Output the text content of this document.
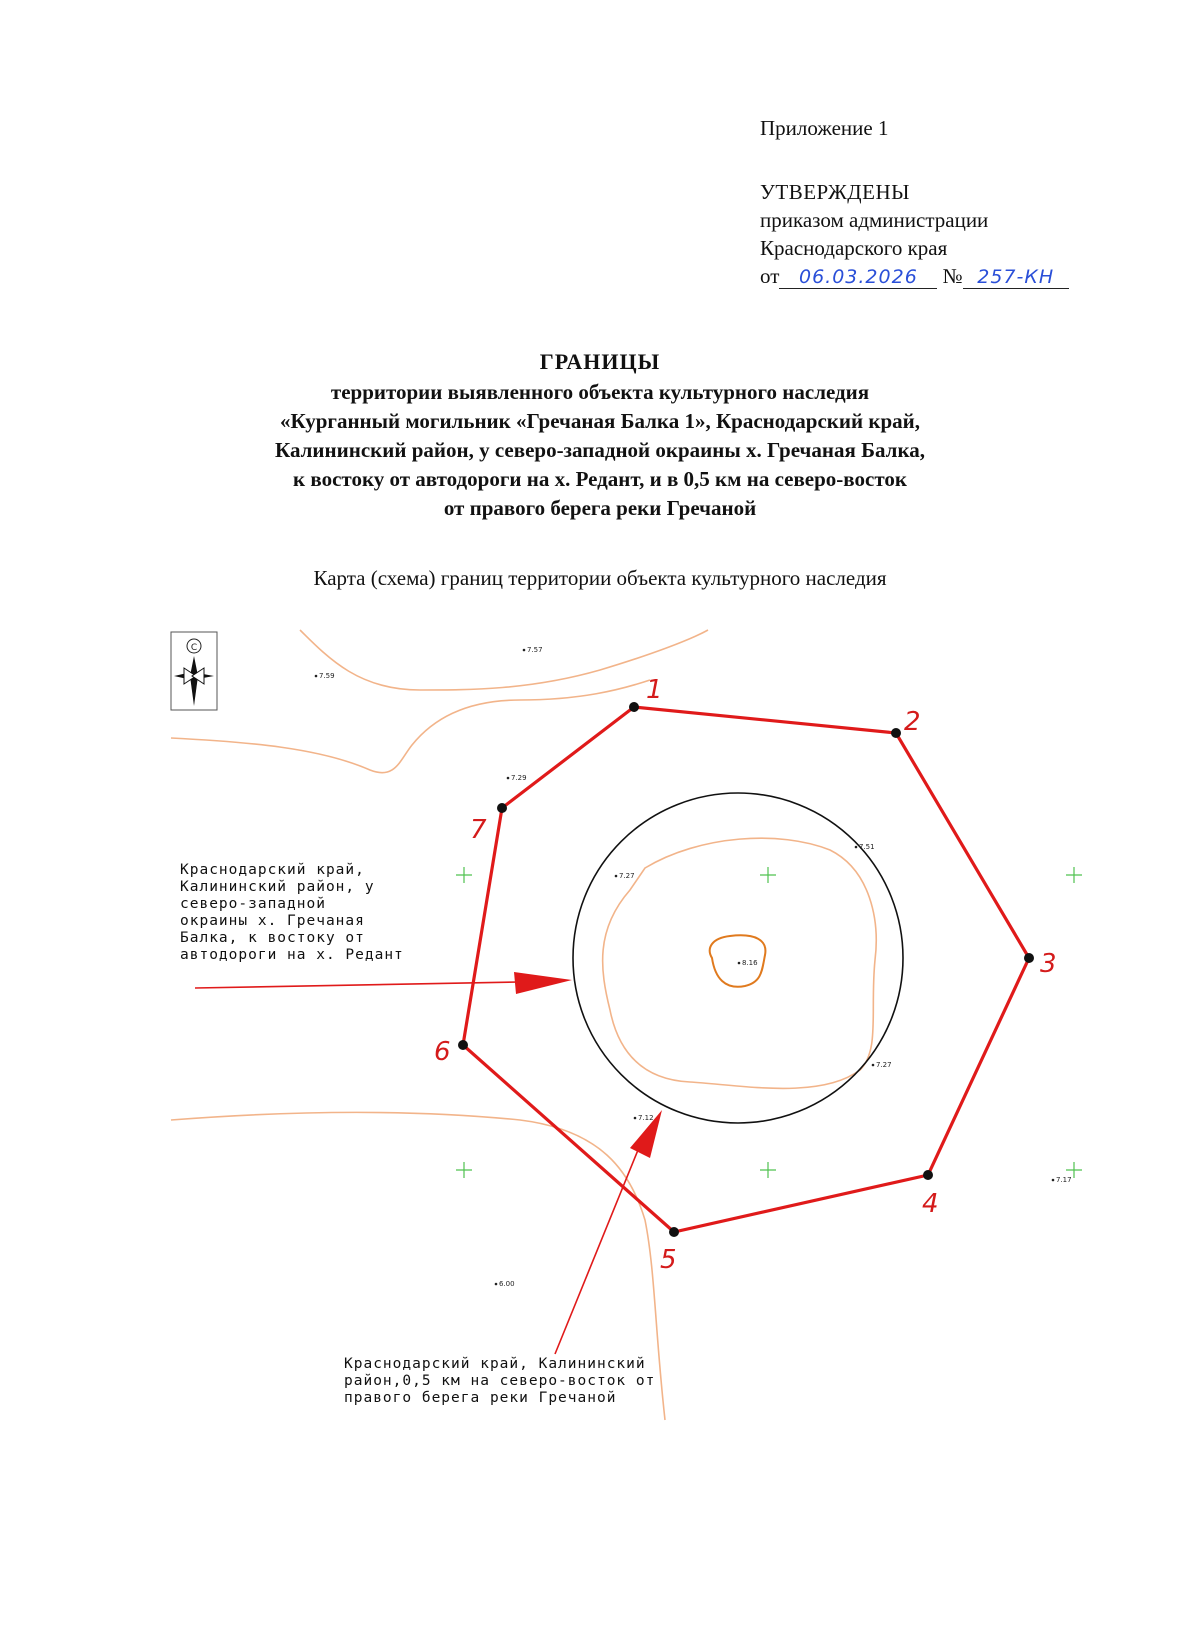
Приложение 1
УТВЕРЖДЕНЫ
приказом администрации
Краснодарского края
от 06.03.2026 № 257-КН
ГРАНИЦЫ
территории выявленного объекта культурного наследия
«Курганный могильник «Гречаная Балка 1», Краснодарский край,
Калининский район, у северо-западной окраины х. Гречаная Балка,
к востоку от автодороги на х. Редант, и в 0,5 км на северо-восток
от правого берега реки Гречаной
Карта (схема) границ территории объекта культурного наследия
С
1
2
3
4
5
6
7
7.57
7.59
7.29
7.27
7.51
8.16
7.27
7.12
7.17
6.00
Краснодарский край,
Калининский район, у
северо-западной
окраины х. Гречаная
Балка, к востоку от
автодороги на х. Редант
Краснодарский край, Калининский
район,0,5 км на северо-восток от
правого берега реки Гречаной
